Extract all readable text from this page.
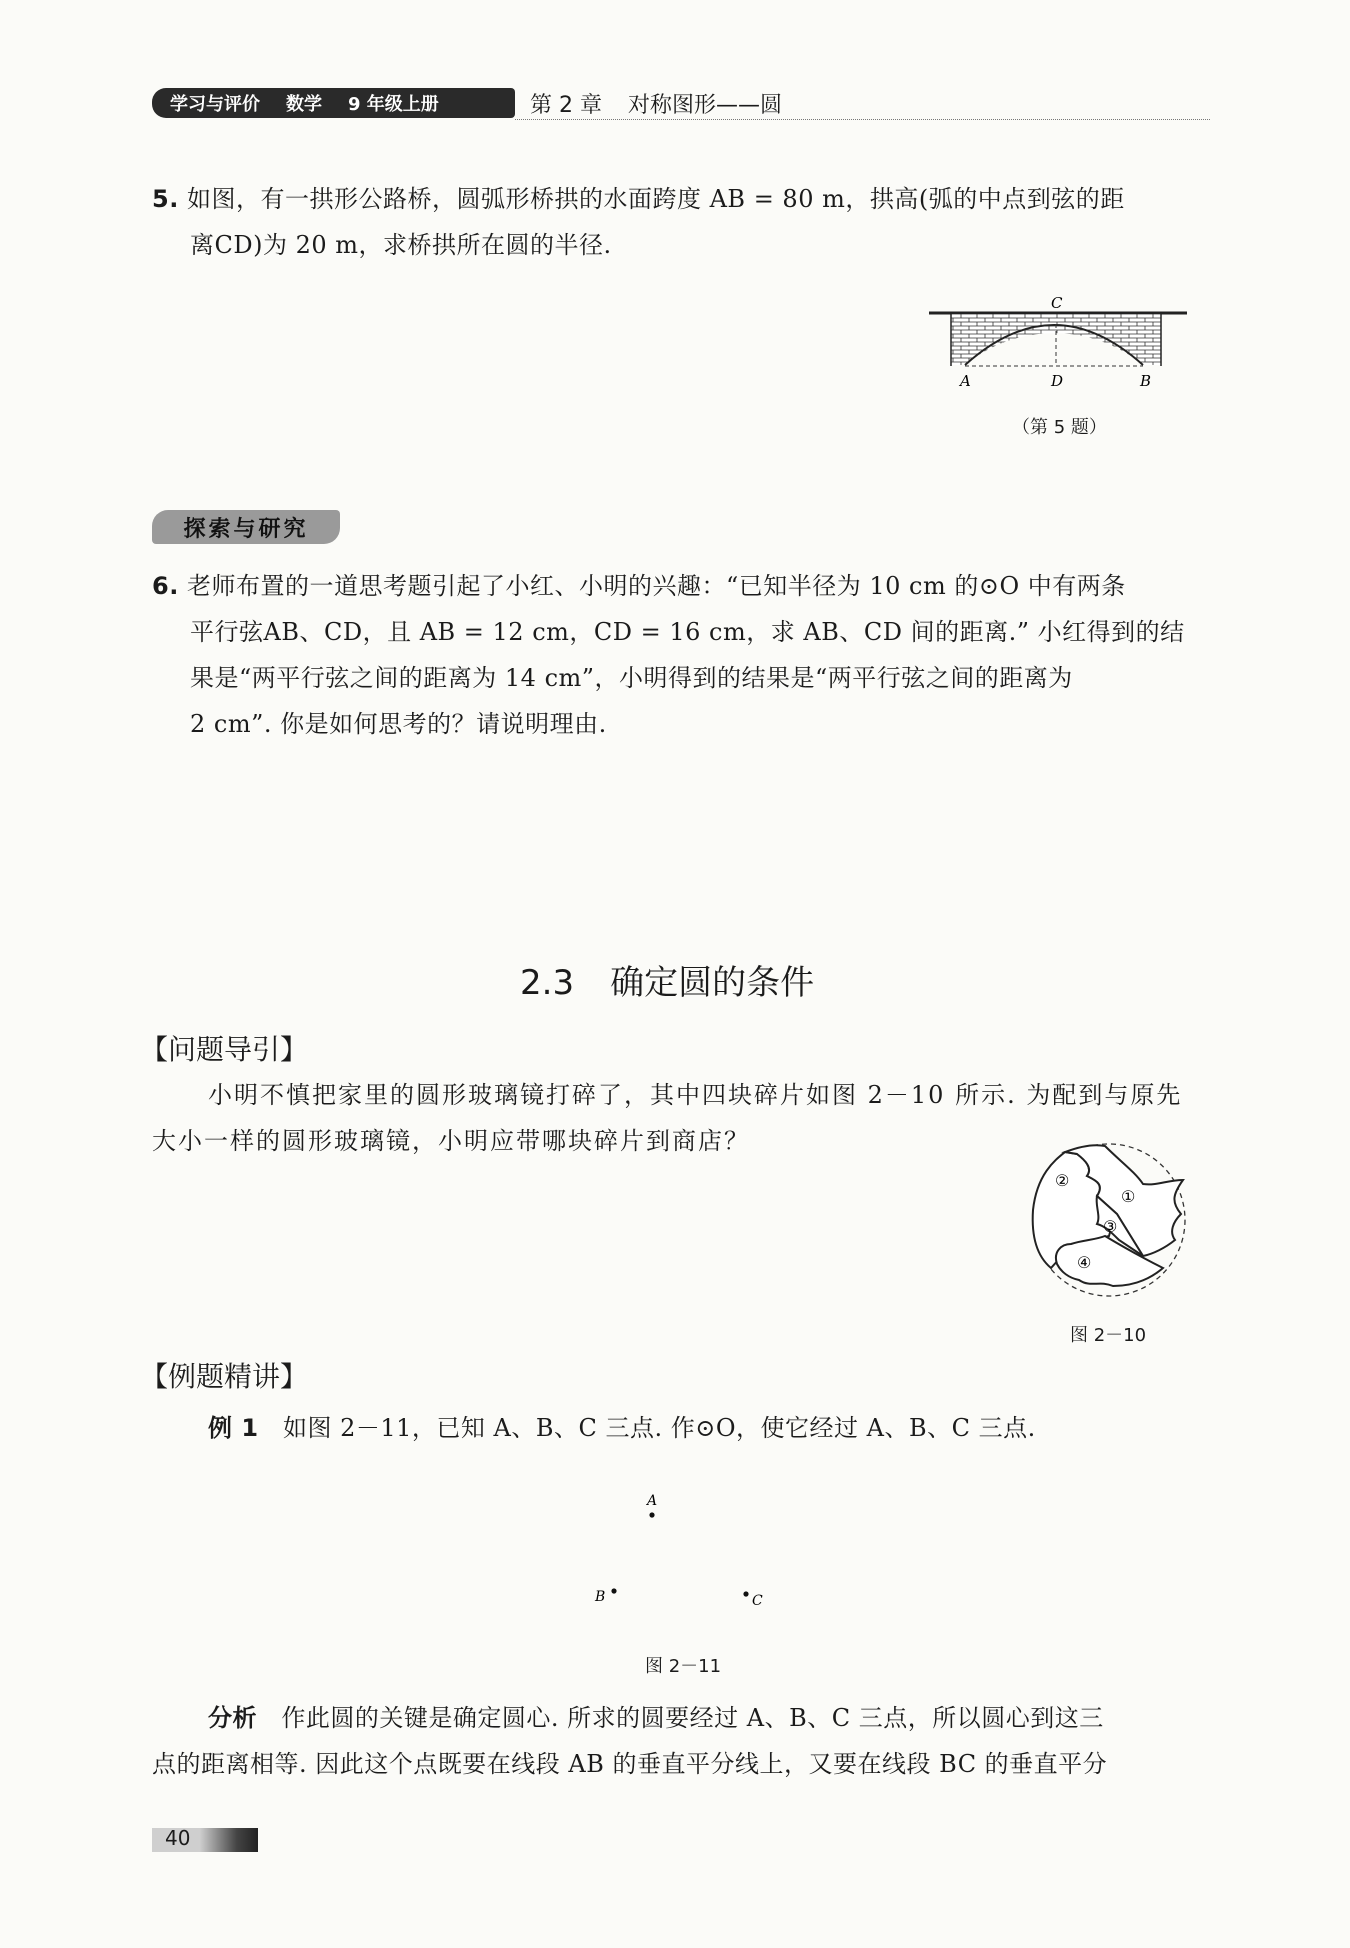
学习与评价 数学 9 年级上册	第 2 章 对称图形——圆
5. 如图，有一拱形公路桥，圆弧形桥拱的水面跨度 AB = 80 m，拱高(弧的中点到弦的距
离CD)为 20 m，求桥拱所在圆的半径.
C
A	D	B
（第 5 题）
探索与研究
6. 老师布置的一道思考题引起了小红、小明的兴趣：“已知半径为 10 cm 的⊙O 中有两条
平行弦AB、CD，且 AB = 12 cm，CD = 16 cm，求 AB、CD 间的距离.” 小红得到的结
果是“两平行弦之间的距离为 14 cm”，小明得到的结果是“两平行弦之间的距离为
2 cm”. 你是如何思考的？请说明理由.
2.3 确定圆的条件
【问题导引】
小明不慎把家里的圆形玻璃镜打碎了，其中四块碎片如图 2－10 所示. 为配到与原先
大小一样的圆形玻璃镜，小明应带哪块碎片到商店？
②
①
③
④
图 2－10
【例题精讲】
例 1 如图 2－11，已知 A、B、C 三点. 作⊙O，使它经过 A、B、C 三点.
A
B	C
图 2－11
分析 作此圆的关键是确定圆心. 所求的圆要经过 A、B、C 三点，所以圆心到这三
点的距离相等. 因此这个点既要在线段 AB 的垂直平分线上，又要在线段 BC 的垂直平分
40
